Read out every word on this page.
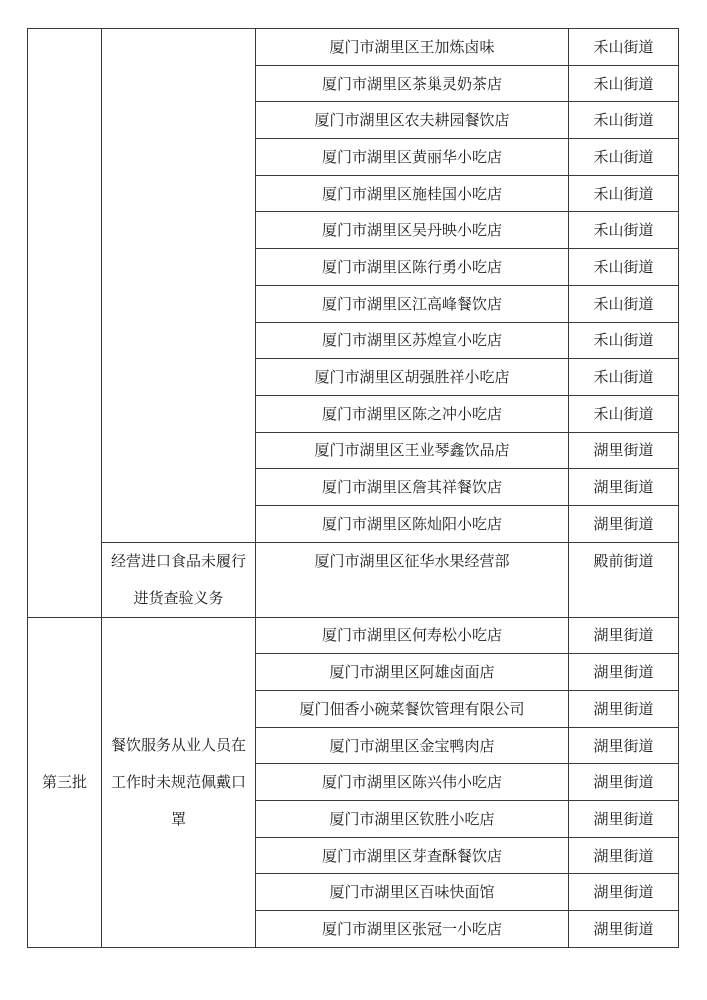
		厦门市湖里区王加炼卤味	禾山街道
		厦门市湖里区茶巢灵奶茶店	禾山街道
		厦门市湖里区农夫耕园餐饮店	禾山街道
		厦门市湖里区黄丽华小吃店	禾山街道
		厦门市湖里区施桂国小吃店	禾山街道
		厦门市湖里区吴丹映小吃店	禾山街道
		厦门市湖里区陈行勇小吃店	禾山街道
		厦门市湖里区江高峰餐饮店	禾山街道
		厦门市湖里区苏煌宣小吃店	禾山街道
		厦门市湖里区胡强胜祥小吃店	禾山街道
		厦门市湖里区陈之冲小吃店	禾山街道
		厦门市湖里区王业琴鑫饮品店	湖里街道
		厦门市湖里区詹其祥餐饮店	湖里街道
		厦门市湖里区陈灿阳小吃店	湖里街道
	经营进口食品未履行进货查验义务	厦门市湖里区征华水果经营部	殿前街道
第三批	餐饮服务从业人员在工作时未规范佩戴口罩	厦门市湖里区何寿松小吃店	湖里街道
		厦门市湖里区阿雄卤面店	湖里街道
		厦门佃香小碗菜餐饮管理有限公司	湖里街道
		厦门市湖里区金宝鸭肉店	湖里街道
		厦门市湖里区陈兴伟小吃店	湖里街道
		厦门市湖里区钦胜小吃店	湖里街道
		厦门市湖里区芽查酥餐饮店	湖里街道
		厦门市湖里区百味快面馆	湖里街道
		厦门市湖里区张冠一小吃店	湖里街道
